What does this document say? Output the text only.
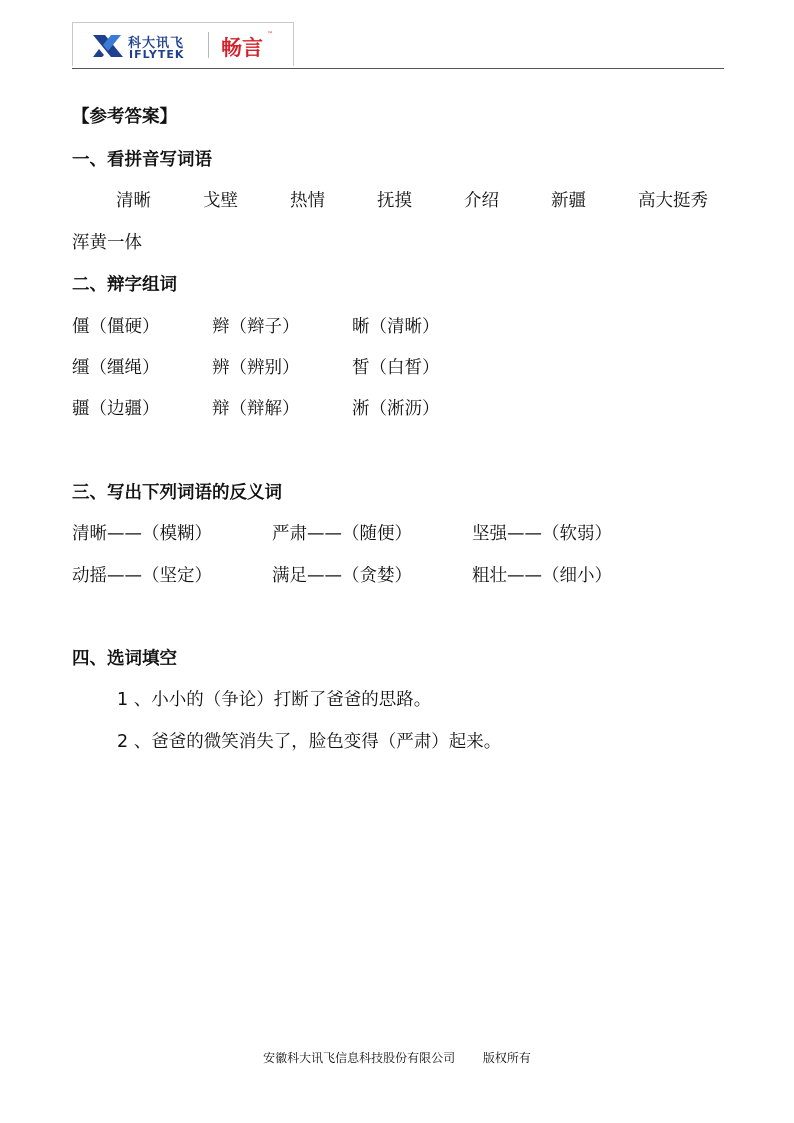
科大讯飞
IFLYTEK 畅言
™
【参考答案】
一、看拼音写词语
清晰	戈壁	热情	抚摸	介绍	新疆	高大挺秀
浑黄一体
二、辩字组词
僵（僵硬）	辫（辫子）	晰（清晰）
缰（缰绳）	辨（辨别）	皙（白皙）
疆（边疆）	辩（辩解）	淅（淅沥）
三、写出下列词语的反义词
清晰——（模糊）	严肃——（随便）	坚强——（软弱）
动摇——（坚定）	满足——（贪婪）	粗壮——（细小）
四、选词填空
1 、小小的（争论）打断了爸爸的思路。
2 、爸爸的微笑消失了，脸色变得（严肃）起来。
安徽科大讯飞信息科技股份有限公司 版权所有
